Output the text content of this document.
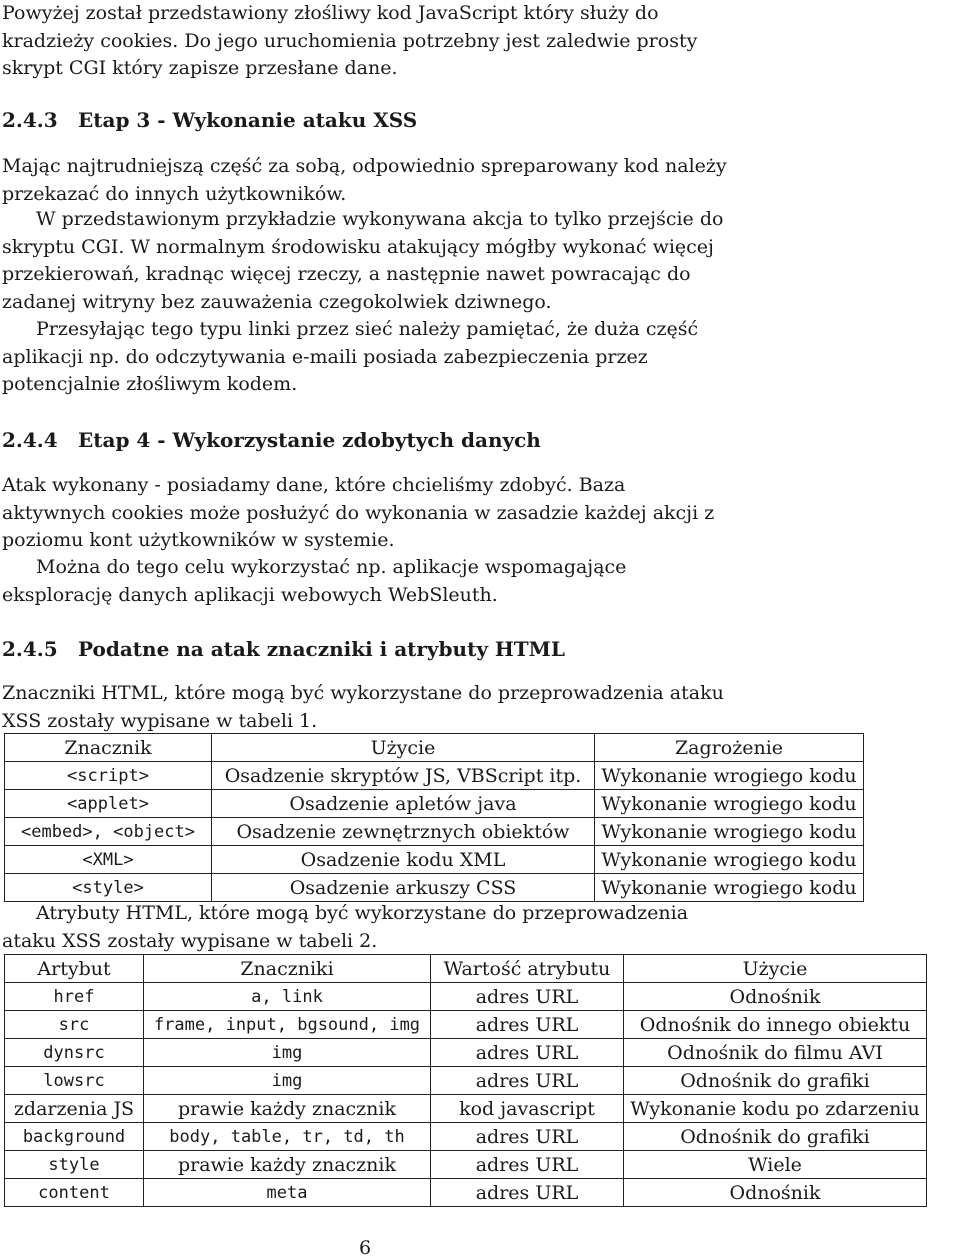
Powyżej został przedstawiony złośliwy kod JavaScript który służy do kradzieży cookies. Do jego uruchomienia potrzebny jest zaledwie prosty skrypt CGI który zapisze przesłane dane.

2.4.3 Etap 3 - Wykonanie ataku XSS

Mając najtrudniejszą część za sobą, odpowiednio spreparowany kod należy przekazać do innych użytkowników.

W przedstawionym przykładzie wykonywana akcja to tylko przejście do skryptu CGI. W normalnym środowisku atakujący mógłby wykonać więcej przekierowań, kradnąc więcej rzeczy, a następnie nawet powracając do zadanej witryny bez zauważenia czegokolwiek dziwnego.

Przesyłając tego typu linki przez sieć należy pamiętać, że duża część aplikacji np. do odczytywania e-maili posiada zabezpieczenia przez potencjalnie złośliwym kodem.

2.4.4 Etap 4 - Wykorzystanie zdobytych danych

Atak wykonany - posiadamy dane, które chcieliśmy zdobyć. Baza aktywnych cookies może posłużyć do wykonania w zasadzie każdej akcji z poziomu kont użytkowników w systemie.

Można do tego celu wykorzystać np. aplikacje wspomagające eksplorację danych aplikacji webowych WebSleuth.

2.4.5 Podatne na atak znaczniki i atrybuty HTML

Znaczniki HTML, które mogą być wykorzystane do przeprowadzenia ataku XSS zostały wypisane w tabeli 1.

Znacznik	Użycie	Zagrożenie
<script>	Osadzenie skryptów JS, VBScript itp.	Wykonanie wrogiego kodu
<applet>	Osadzenie apletów java	Wykonanie wrogiego kodu
<embed>, <object>	Osadzenie zewnętrznych obiektów	Wykonanie wrogiego kodu
<XML>	Osadzenie kodu XML	Wykonanie wrogiego kodu
<style>	Osadzenie arkuszy CSS	Wykonanie wrogiego kodu

Atrybuty HTML, które mogą być wykorzystane do przeprowadzenia ataku XSS zostały wypisane w tabeli 2.

Artybut	Znaczniki	Wartość atrybutu	Użycie
href	a, link	adres URL	Odnośnik
src	frame, input, bgsound, img	adres URL	Odnośnik do innego obiektu
dynsrc	img	adres URL	Odnośnik do filmu AVI
lowsrc	img	adres URL	Odnośnik do grafiki
zdarzenia JS	prawie każdy znacznik	kod javascript	Wykonanie kodu po zdarzeniu
background	body, table, tr, td, th	adres URL	Odnośnik do grafiki
style	prawie każdy znacznik	adres URL	Wiele
content	meta	adres URL	Odnośnik
6
